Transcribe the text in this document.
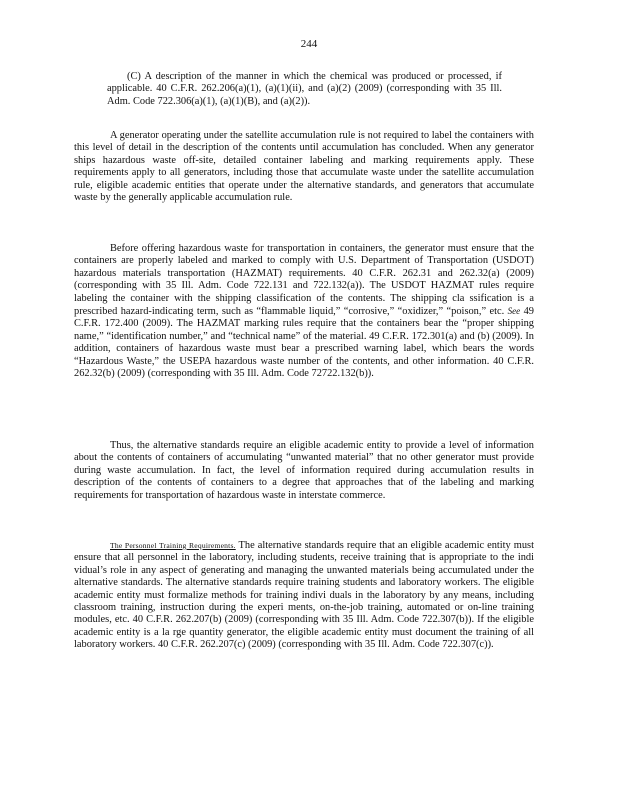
244

(C) A description of the manner in which the chemical was produced or processed, if applicable. 40 C.F.R. 262.206(a)(1), (a)(1)(ii), and (a)(2) (2009) (corresponding with 35 Ill. Adm. Code 722.306(a)(1), (a)(1)(B), and (a)(2)).

A generator operating under the satellite accumulation rule is not required to label the containers with this level of detail in the description of the contents until accumulation has concluded. When any generator ships hazardous waste off-site, detailed container labeling and marking requirements apply. These requirements apply to all generators, including those that accumulate waste under the satellite accumulation rule, eligible academic entities that operate under the alternative standards, and generators that accumulate waste by the generally applicable accumulation rule.

Before offering hazardous waste for transportation in containers, the generator must ensure that the containers are properly labeled and marked to comply with U.S. Department of Transportation (USDOT) hazardous materials transportation (HAZMAT) requirements. 40 C.F.R. 262.31 and 262.32(a) (2009) (corresponding with 35 Ill. Adm. Code 722.131 and 722.132(a)). The USDOT HAZMAT rules require labeling the container with the shipping classification of the contents. The shipping cla ssification is a prescribed hazard-indicating term, such as “flammable liquid,” “corrosive,” “oxidizer,” “poison,” etc. See 49 C.F.R. 172.400 (2009). The HAZMAT marking rules require that the containers bear the “proper shipping name,” “identification number,” and “technical name” of the material. 49 C.F.R. 172.301(a) and (b) (2009). In addition, containers of hazardous waste must bear a prescribed warning label, which bears the words “Hazardous Waste,” the USEPA hazardous waste number of the contents, and other information. 40 C.F.R. 262.32(b) (2009) (corresponding with 35 Ill. Adm. Code 72722.132(b)).

Thus, the alternative standards require an eligible academic entity to provide a level of information about the contents of containers of accumulating “unwanted material” that no other generator must provide during waste accumulation. In fact, the level of information required during accumulation results in description of the contents of containers to a degree that approaches that of the labeling and marking requirements for transportation of hazardous waste in interstate commerce.

The Personnel Training Requirements. The alternative standards require that an eligible academic entity must ensure that all personnel in the laboratory, including students, receive training that is appropriate to the indi vidual’s role in any aspect of generating and managing the unwanted materials being accumulated under the alternative standards. The alternative standards require training students and laboratory workers. The eligible academic entity must formalize methods for training indivi duals in the laboratory by any means, including classroom training, instruction during the experi ments, on-the-job training, automated or on-line training modules, etc. 40 C.F.R. 262.207(b) (2009) (corresponding with 35 Ill. Adm. Code 722.307(b)). If the eligible academic entity is a la rge quantity generator, the eligible academic entity must document the training of all laboratory workers. 40 C.F.R. 262.207(c) (2009) (corresponding with 35 Ill. Adm. Code 722.307(c)).
